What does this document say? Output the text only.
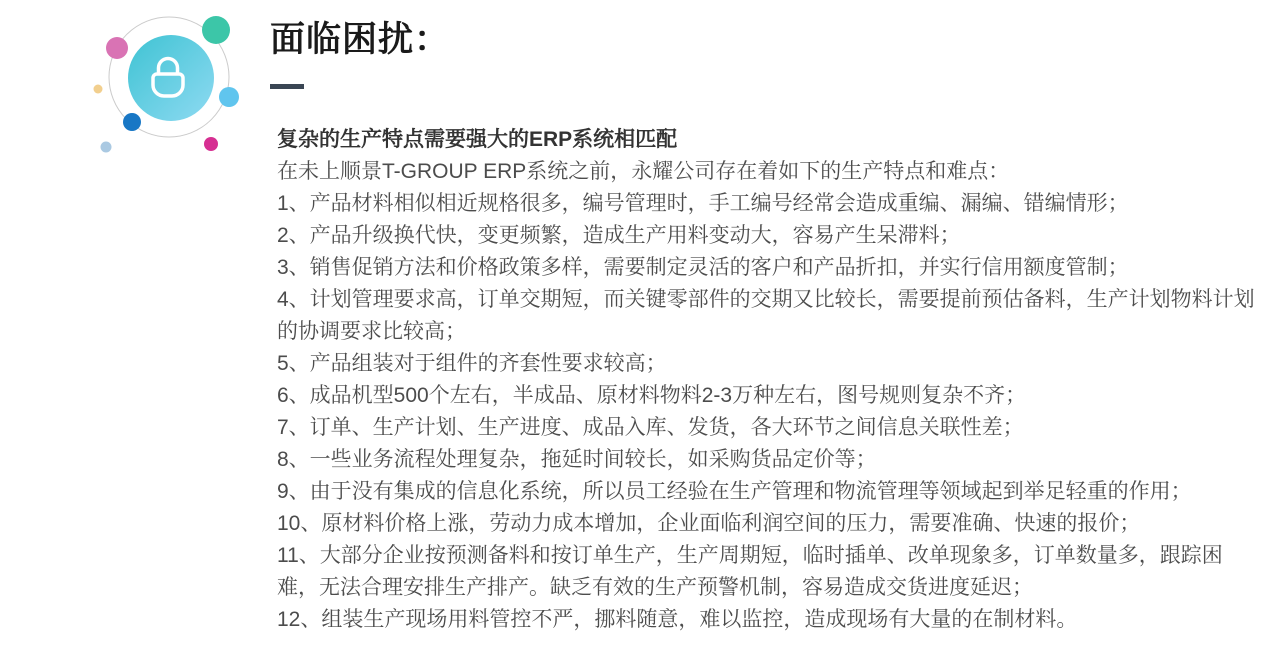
面临困扰：

复杂的生产特点需要强大的ERP系统相匹配

在未上顺景T-GROUP ERP系统之前，永耀公司存在着如下的生产特点和难点：

1、产品材料相似相近规格很多，编号管理时，手工编号经常会造成重编、漏编、错编情形；

2、产品升级换代快，变更频繁，造成生产用料变动大，容易产生呆滞料；

3、销售促销方法和价格政策多样，需要制定灵活的客户和产品折扣，并实行信用额度管制；

4、计划管理要求高，订单交期短，而关键零部件的交期又比较长，需要提前预估备料，生产计划物料计划的协调要求比较高；

5、产品组装对于组件的齐套性要求较高；

6、成品机型500个左右，半成品、原材料物料2-3万种左右，图号规则复杂不齐；

7、订单、生产计划、生产进度、成品入库、发货，各大环节之间信息关联性差；

8、一些业务流程处理复杂，拖延时间较长，如采购货品定价等；

9、由于没有集成的信息化系统，所以员工经验在生产管理和物流管理等领域起到举足轻重的作用；

10、原材料价格上涨，劳动力成本增加，企业面临利润空间的压力，需要准确、快速的报价；

11、大部分企业按预测备料和按订单生产，生产周期短，临时插单、改单现象多，订单数量多，跟踪困难，无法合理安排生产排产。缺乏有效的生产预警机制，容易造成交货进度延迟；

12、组装生产现场用料管控不严，挪料随意，难以监控，造成现场有大量的在制材料。
